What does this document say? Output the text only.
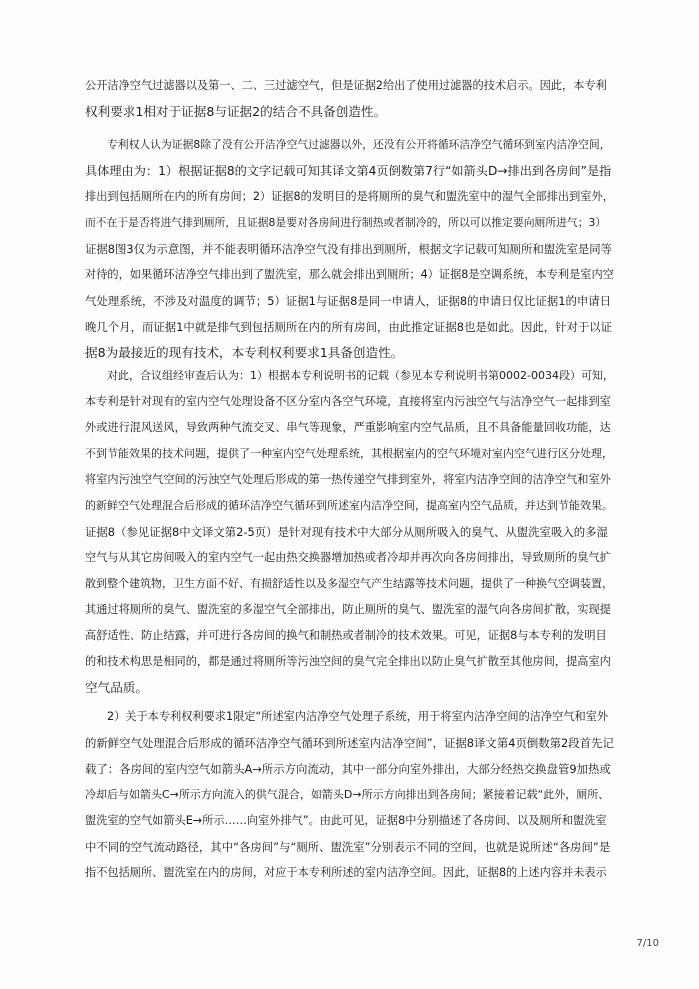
公开洁净空气过滤器以及第一、二、三过滤空气，但是证据2给出了使用过滤器的技术启示。因此，本专利
权利要求1相对于证据8与证据2的结合不具备创造性。
专利权人认为证据8除了没有公开洁净空气过滤器以外，还没有公开将循环洁净空气循环到室内洁净空间，
具体理由为：1）根据证据8的文字记载可知其译文第4页倒数第7行“如箭头D→排出到各房间”是指
排出到包括厕所在内的所有房间；2）证据8的发明目的是将厕所的臭气和盥洗室中的湿气全部排出到室外，
而不在于是否将进气排到厕所，且证据8是要对各房间进行制热或者制冷的，所以可以推定要向厕所进气；3）
证据8图3仅为示意图，并不能表明循环洁净空气没有排出到厕所，根据文字记载可知厕所和盥洗室是同等
对待的，如果循环洁净空气排出到了盥洗室，那么就会排出到厕所；4）证据8是空调系统，本专利是室内空
气处理系统，不涉及对温度的调节；5）证据1与证据8是同一申请人，证据8的申请日仅比证据1的申请日
晚几个月，而证据1中就是排气到包括厕所在内的所有房间，由此推定证据8也是如此。因此，针对于以证
据8为最接近的现有技术，本专利权利要求1具备创造性。
对此，合议组经审查后认为：1）根据本专利说明书的记载（参见本专利说明书第0002-0034段）可知，
本专利是针对现有的室内空气处理设备不区分室内各空气环境，直接将室内污浊空气与洁净空气一起排到室
外或进行混风送风，导致两种气流交叉、串气等现象，严重影响室内空气品质，且不具备能量回收功能，达
不到节能效果的技术问题，提供了一种室内空气处理系统，其根据室内的空气环境对室内空气进行区分处理，
将室内污浊空气空间的污浊空气处理后形成的第一热传递空气排到室外，将室内洁净空间的洁净空气和室外
的新鲜空气处理混合后形成的循环洁净空气循环到所述室内洁净空间，提高室内空气品质，并达到节能效果。
证据8（参见证据8中文译文第2-5页）是针对现有技术中大部分从厕所吸入的臭气、从盥洗室吸入的多湿
空气与从其它房间吸入的室内空气一起由热交换器增加热或者冷却并再次向各房间排出，导致厕所的臭气扩
散到整个建筑物，卫生方面不好、有损舒适性以及多湿空气产生结露等技术问题，提供了一种换气空调装置，
其通过将厕所的臭气、盥洗室的多湿空气全部排出，防止厕所的臭气、盥洗室的湿气向各房间扩散，实现提
高舒适性、防止结露，并可进行各房间的换气和制热或者制冷的技术效果。可见，证据8与本专利的发明目
的和技术构思是相同的，都是通过将厕所等污浊空间的臭气完全排出以防止臭气扩散至其他房间，提高室内
空气品质。
2）关于本专利权利要求1限定“所述室内洁净空气处理子系统，用于将室内洁净空间的洁净空气和室外
的新鲜空气处理混合后形成的循环洁净空气循环到所述室内洁净空间”，证据8译文第4页倒数第2段首先记
载了：各房间的室内空气如箭头A→所示方向流动，其中一部分向室外排出，大部分经热交换盘管9加热或
冷却后与如箭头C→所示方向流入的供气混合，如箭头D→所示方向排出到各房间；紧接着记载“此外，厕所、
盥洗室的空气如箭头E→所示……向室外排气”。由此可见，证据8中分别描述了各房间、以及厕所和盥洗室
中不同的空气流动路径，其中“各房间”与“厕所、盥洗室”分别表示不同的空间，也就是说所述“各房间”是
指不包括厕所、盥洗室在内的房间，对应于本专利所述的室内洁净空间。因此，证据8的上述内容并未表示
7/10
